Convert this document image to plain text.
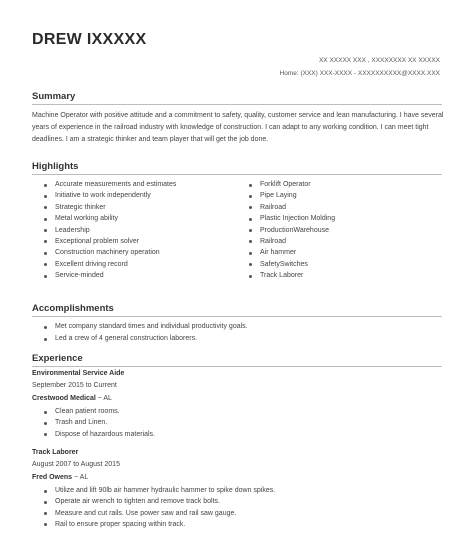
DREW IXXXXX
XX XXXXX XXX , XXXXXXXX XX XXXXX
Home: (XXX) XXX-XXXX - XXXXXXXXXX@XXXX.XXX
Summary
Machine Operator with positive attitude and a commitment to safety, quality, customer service and lean manufacturing. I have several years of experience in the railroad industry with knowledge of construction. I can adapt to any working condition. I can meet tight deadlines. I am a strategic thinker and team player that will get the job done.
Highlights
Accurate measurements and estimates
Initiative to work independently
Strategic thinker
Metal working ability
Leadership
Exceptional problem solver
Construction machinery operation
Excellent driving record
Service-minded
Forklift Operator
Pipe Laying
Railroad
Plastic Injection Molding
ProductionWarehouse
Railroad
Air hammer
SafetySwitches
Track Laborer
Accomplishments
Met company standard times and individual productivity goals.
Led a crew of 4 general construction laborers.
Experience
Environmental Service Aide
September 2015 to Current
Crestwood Medical − AL
Clean patient rooms.
Trash and Linen.
Dispose of hazardous materials.
Track Laborer
August 2007 to August 2015
Fred Owens − AL
Utilize and lift 90lb air hammer hydraulic hammer to spike down spikes.
Operate air wrench to tighten and remove track bolts.
Measure and cut rails. Use power saw and rail saw gauge.
Rail to ensure proper spacing within track.
